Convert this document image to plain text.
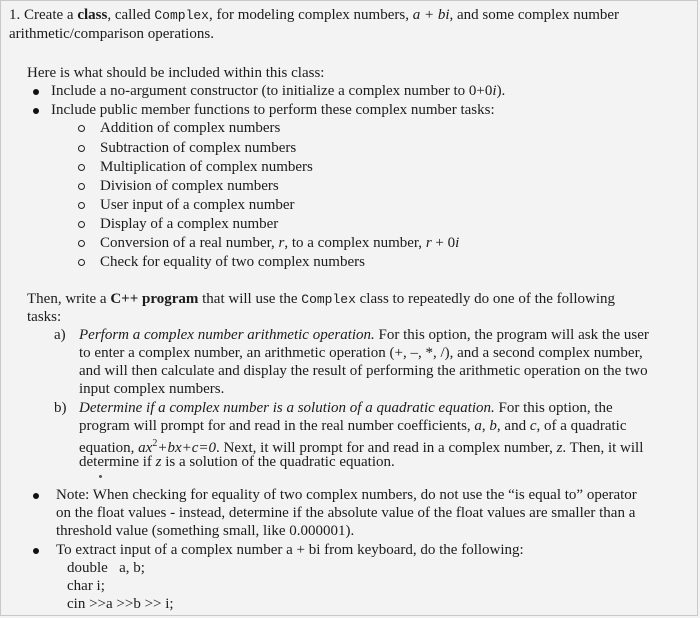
1. Create a class, called Complex, for modeling complex numbers, a + bi, and some complex number
arithmetic/comparison operations.
Here is what should be included within this class:
Include a no-argument constructor (to initialize a complex number to 0+0i).
Include public member functions to perform these complex number tasks:
Addition of complex numbers
Subtraction of complex numbers
Multiplication of complex numbers
Division of complex numbers
User input of a complex number
Display of a complex number
Conversion of a real number, r, to a complex number, r + 0i
Check for equality of two complex numbers
Then, write a C++ program that will use the Complex class to repeatedly do one of the following
tasks:
a) Perform a complex number arithmetic operation. For this option, the program will ask the user
to enter a complex number, an arithmetic operation (+, –, *, /), and a second complex number,
and will then calculate and display the result of performing the arithmetic operation on the two
input complex numbers.
b) Determine if a complex number is a solution of a quadratic equation. For this option, the
program will prompt for and read in the real number coefficients, a, b, and c, of a quadratic
equation, $ax^2+bx+c=0$. Next, it will prompt for and read in a complex number, z. Then, it will
determine if z is a solution of the quadratic equation.
Note: When checking for equality of two complex numbers, do not use the “is equal to” operator
on the float values - instead, determine if the absolute value of the float values are smaller than a
threshold value (something small, like 0.000001).
To extract input of a complex number a + bi from keyboard, do the following:
double   a, b;
char i;
cin >>a >>b >> i;
